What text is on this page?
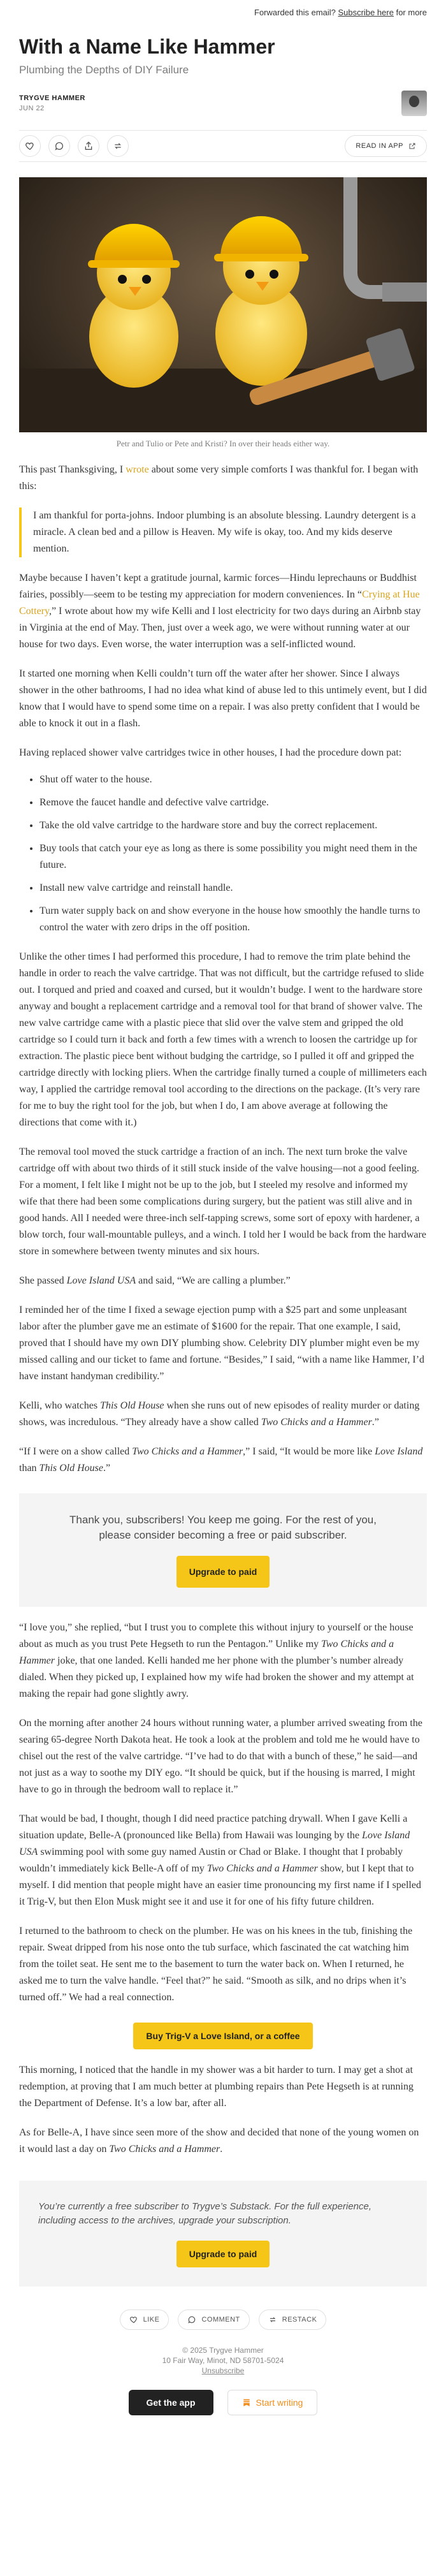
Forwarded this email? Subscribe here for more
With a Name Like Hammer
Plumbing the Depths of DIY Failure
TRYGVE HAMMER
JUN 22
READ IN APP
Petr and Tulio or Pete and Kristi? In over their heads either way.

This past Thanksgiving, I wrote about some very simple comforts I was thankful for. I began with this:

I am thankful for porta-johns. Indoor plumbing is an absolute blessing. Laundry detergent is a miracle. A clean bed and a pillow is Heaven. My wife is okay, too. And my kids deserve mention.

Maybe because I haven’t kept a gratitude journal, karmic forces—Hindu leprechauns or Buddhist fairies, possibly—seem to be testing my appreciation for modern conveniences. In “Crying at Hue Cottery,” I wrote about how my wife Kelli and I lost electricity for two days during an Airbnb stay in Virginia at the end of May. Then, just over a week ago, we were without running water at our house for two days. Even worse, the water interruption was a self-inflicted wound.

It started one morning when Kelli couldn’t turn off the water after her shower. Since I always shower in the other bathrooms, I had no idea what kind of abuse led to this untimely event, but I did know that I would have to spend some time on a repair. I was also pretty confident that I would be able to knock it out in a flash.

Having replaced shower valve cartridges twice in other houses, I had the procedure down pat:

• Shut off water to the house.
• Remove the faucet handle and defective valve cartridge.
• Take the old valve cartridge to the hardware store and buy the correct replacement.
• Buy tools that catch your eye as long as there is some possibility you might need them in the future.
• Install new valve cartridge and reinstall handle.
• Turn water supply back on and show everyone in the house how smoothly the handle turns to control the water with zero drips in the off position.

Unlike the other times I had performed this procedure, I had to remove the trim plate behind the handle in order to reach the valve cartridge. That was not difficult, but the cartridge refused to slide out. I torqued and pried and coaxed and cursed, but it wouldn’t budge. I went to the hardware store anyway and bought a replacement cartridge and a removal tool for that brand of shower valve. The new valve cartridge came with a plastic piece that slid over the valve stem and gripped the old cartridge so I could turn it back and forth a few times with a wrench to loosen the cartridge up for extraction. The plastic piece bent without budging the cartridge, so I pulled it off and gripped the cartridge directly with locking pliers. When the cartridge finally turned a couple of millimeters each way, I applied the cartridge removal tool according to the directions on the package. (It’s very rare for me to buy the right tool for the job, but when I do, I am above average at following the directions that come with it.)

The removal tool moved the stuck cartridge a fraction of an inch. The next turn broke the valve cartridge off with about two thirds of it still stuck inside of the valve housing—not a good feeling. For a moment, I felt like I might not be up to the job, but I steeled my resolve and informed my wife that there had been some complications during surgery, but the patient was still alive and in good hands. All I needed were three-inch self-tapping screws, some sort of epoxy with hardener, a blow torch, four wall-mountable pulleys, and a winch. I told her I would be back from the hardware store in somewhere between twenty minutes and six hours.

She passed Love Island USA and said, “We are calling a plumber.”

I reminded her of the time I fixed a sewage ejection pump with a $25 part and some unpleasant labor after the plumber gave me an estimate of $1600 for the repair. That one example, I said, proved that I should have my own DIY plumbing show. Celebrity DIY plumber might even be my missed calling and our ticket to fame and fortune. “Besides,” I said, “with a name like Hammer, I’d have instant handyman credibility.”

Kelli, who watches This Old House when she runs out of new episodes of reality murder or dating shows, was incredulous. “They already have a show called Two Chicks and a Hammer.”

“If I were on a show called Two Chicks and a Hammer,” I said, “It would be more like Love Island than This Old House.”

Thank you, subscribers! You keep me going. For the rest of you, please consider becoming a free or paid subscriber.
Upgrade to paid

“I love you,” she replied, “but I trust you to complete this without injury to yourself or the house about as much as you trust Pete Hegseth to run the Pentagon.” Unlike my Two Chicks and a Hammer joke, that one landed. Kelli handed me her phone with the plumber’s number already dialed. When they picked up, I explained how my wife had broken the shower and my attempt at making the repair had gone slightly awry.

On the morning after another 24 hours without running water, a plumber arrived sweating from the searing 65-degree North Dakota heat. He took a look at the problem and told me he would have to chisel out the rest of the valve cartridge. “I’ve had to do that with a bunch of these,” he said—and not just as a way to soothe my DIY ego. “It should be quick, but if the housing is marred, I might have to go in through the bedroom wall to replace it.”

That would be bad, I thought, though I did need practice patching drywall. When I gave Kelli a situation update, Belle-A (pronounced like Bella) from Hawaii was lounging by the Love Island USA swimming pool with some guy named Austin or Chad or Blake. I thought that I probably wouldn’t immediately kick Belle-A off of my Two Chicks and a Hammer show, but I kept that to myself. I did mention that people might have an easier time pronouncing my first name if I spelled it Trig-V, but then Elon Musk might see it and use it for one of his fifty future children.

I returned to the bathroom to check on the plumber. He was on his knees in the tub, finishing the repair. Sweat dripped from his nose onto the tub surface, which fascinated the cat watching him from the toilet seat. He sent me to the basement to turn the water back on. When I returned, he asked me to turn the valve handle. “Feel that?” he said. “Smooth as silk, and no drips when it’s turned off.” We had a real connection.

Buy Trig-V a Love Island, or a coffee

This morning, I noticed that the handle in my shower was a bit harder to turn. I may get a shot at redemption, at proving that I am much better at plumbing repairs than Pete Hegseth is at running the Department of Defense. It’s a low bar, after all.

As for Belle-A, I have since seen more of the show and decided that none of the young women on it would last a day on Two Chicks and a Hammer.

You’re currently a free subscriber to Trygve’s Substack. For the full experience, including access to the archives, upgrade your subscription.
Upgrade to paid
LIKE	COMMENT	RESTACK
© 2025 Trygve Hammer
10 Fair Way, Minot, ND 58701-5024
Unsubscribe
Get the app	Start writing
